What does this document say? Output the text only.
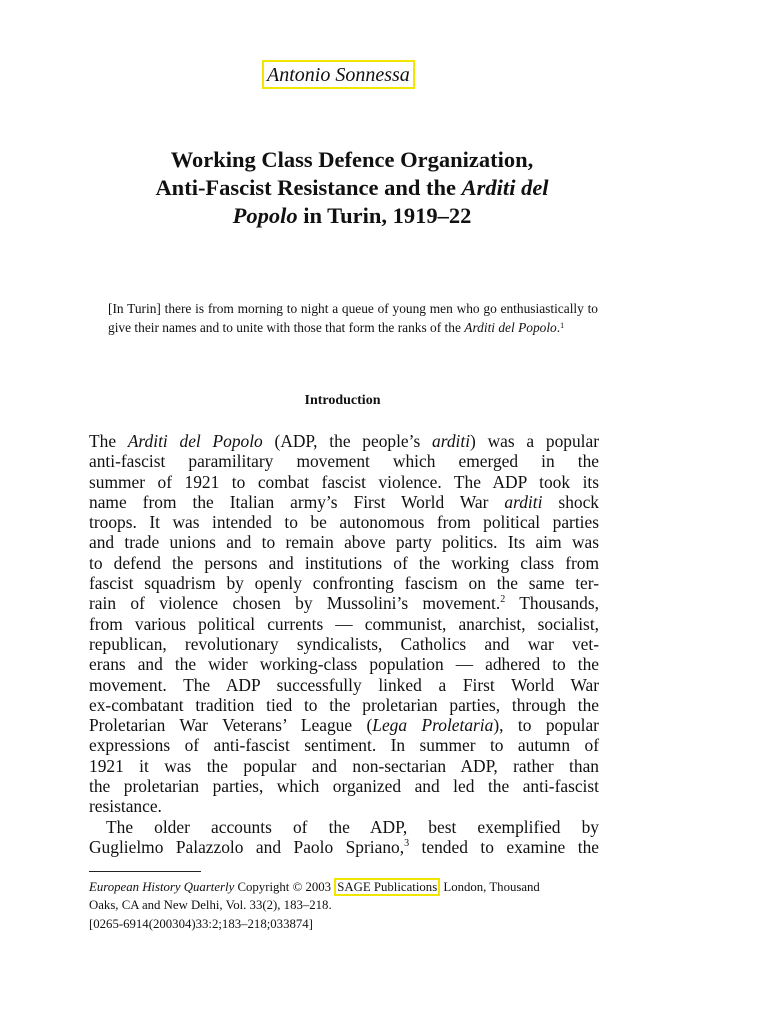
Antonio Sonnessa
Working Class Defence Organization,
Anti-Fascist Resistance and the Arditi del
Popolo in Turin, 1919–22
[In Turin] there is from morning to night a queue of young men who go enthusiastically to give their names and to unite with those that form the ranks of the Arditi del Popolo.$^1$
Introduction
The Arditi del Popolo (ADP, the people’s arditi) was a popular
anti-fascist paramilitary movement which emerged in the
summer of 1921 to combat fascist violence. The ADP took its
name from the Italian army’s First World War arditi shock
troops. It was intended to be autonomous from political parties
and trade unions and to remain above party politics. Its aim was
to defend the persons and institutions of the working class from
fascist squadrism by openly confronting fascism on the same ter-
rain of violence chosen by Mussolini’s movement.$^2$ Thousands,
from various political currents — communist, anarchist, socialist,
republican, revolutionary syndicalists, Catholics and war vet-
erans and the wider working-class population — adhered to the
movement. The ADP successfully linked a First World War
ex-combatant tradition tied to the proletarian parties, through the
Proletarian War Veterans’ League (Lega Proletaria), to popular
expressions of anti-fascist sentiment. In summer to autumn of
1921 it was the popular and non-sectarian ADP, rather than
the proletarian parties, which organized and led the anti-fascist
resistance.
The older accounts of the ADP, best exemplified by
Guglielmo Palazzolo and Paolo Spriano,$^3$ tended to examine the
European History Quarterly Copyright © 2003 SAGE Publications London, Thousand
Oaks, CA and New Delhi, Vol. 33(2), 183–218.
[0265-6914(200304)33:2;183–218;033874]
